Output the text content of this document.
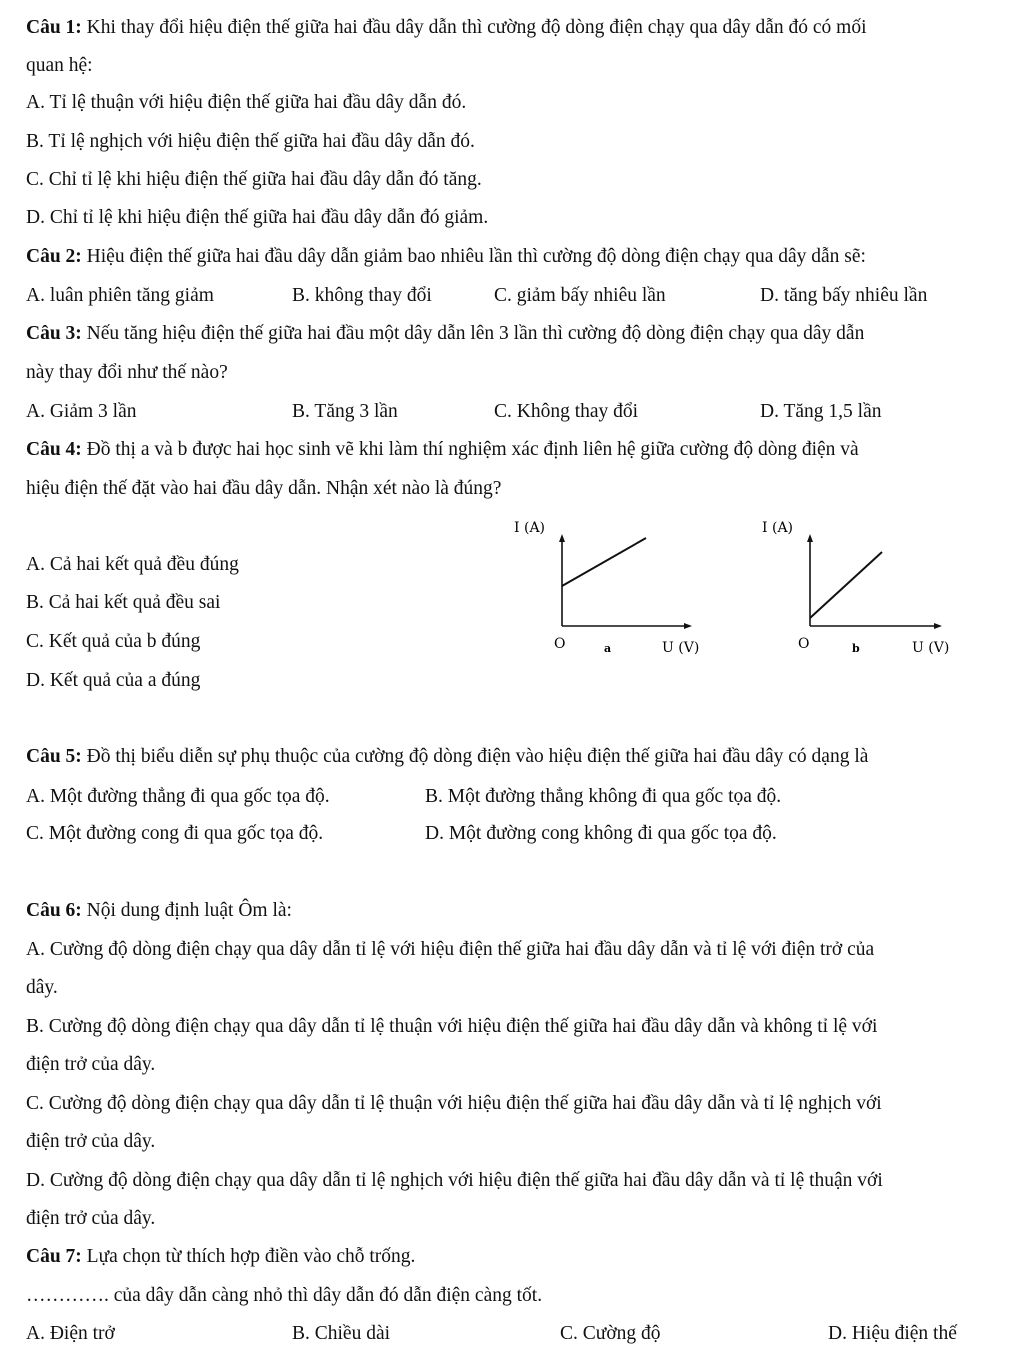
Câu 1: Khi thay đổi hiệu điện thế giữa hai đầu dây dẫn thì cường độ dòng điện chạy qua dây dẫn đó có mối
quan hệ:
A. Tỉ lệ thuận với hiệu điện thế giữa hai đầu dây dẫn đó.
B. Tỉ lệ nghịch với hiệu điện thế giữa hai đầu dây dẫn đó.
C. Chỉ tỉ lệ khi hiệu điện thế giữa hai đầu dây dẫn đó tăng.
D. Chỉ tỉ lệ khi hiệu điện thế giữa hai đầu dây dẫn đó giảm.
Câu 2: Hiệu điện thế giữa hai đầu dây dẫn giảm bao nhiêu lần thì cường độ dòng điện chạy qua dây dẫn sẽ:
A. luân phiên tăng giảm	B. không thay đổi	C. giảm bấy nhiêu lần	D. tăng bấy nhiêu lần
Câu 3: Nếu tăng hiệu điện thế giữa hai đầu một dây dẫn lên 3 lần thì cường độ dòng điện chạy qua dây dẫn
này thay đổi như thế nào?
A. Giảm 3 lần	B. Tăng 3 lần	C. Không thay đổi	D. Tăng 1,5 lần
Câu 4: Đồ thị a và b được hai học sinh vẽ khi làm thí nghiệm xác định liên hệ giữa cường độ dòng điện và
hiệu điện thế đặt vào hai đầu dây dẫn. Nhận xét nào là đúng?
A. Cả hai kết quả đều đúng
B. Cả hai kết quả đều sai
C. Kết quả của b đúng
D. Kết quả của a đúng
I (A)
O	a	U (V)
I (A)
O	b	U (V)
Câu 5: Đồ thị biểu diễn sự phụ thuộc của cường độ dòng điện vào hiệu điện thế giữa hai đầu dây có dạng là
A. Một đường thẳng đi qua gốc tọa độ.	B. Một đường thẳng không đi qua gốc tọa độ.
C. Một đường cong đi qua gốc tọa độ.	D. Một đường cong không đi qua gốc tọa độ.
Câu 6: Nội dung định luật Ôm là:
A. Cường độ dòng điện chạy qua dây dẫn tỉ lệ với hiệu điện thế giữa hai đầu dây dẫn và tỉ lệ với điện trở của
dây.
B. Cường độ dòng điện chạy qua dây dẫn tỉ lệ thuận với hiệu điện thế giữa hai đầu dây dẫn và không tỉ lệ với
điện trở của dây.
C. Cường độ dòng điện chạy qua dây dẫn tỉ lệ thuận với hiệu điện thế giữa hai đầu dây dẫn và tỉ lệ nghịch với
điện trở của dây.
D. Cường độ dòng điện chạy qua dây dẫn tỉ lệ nghịch với hiệu điện thế giữa hai đầu dây dẫn và tỉ lệ thuận với
điện trở của dây.
Câu 7: Lựa chọn từ thích hợp điền vào chỗ trống.
…………. của dây dẫn càng nhỏ thì dây dẫn đó dẫn điện càng tốt.
A. Điện trở	B. Chiều dài	C. Cường độ	D. Hiệu điện thế
